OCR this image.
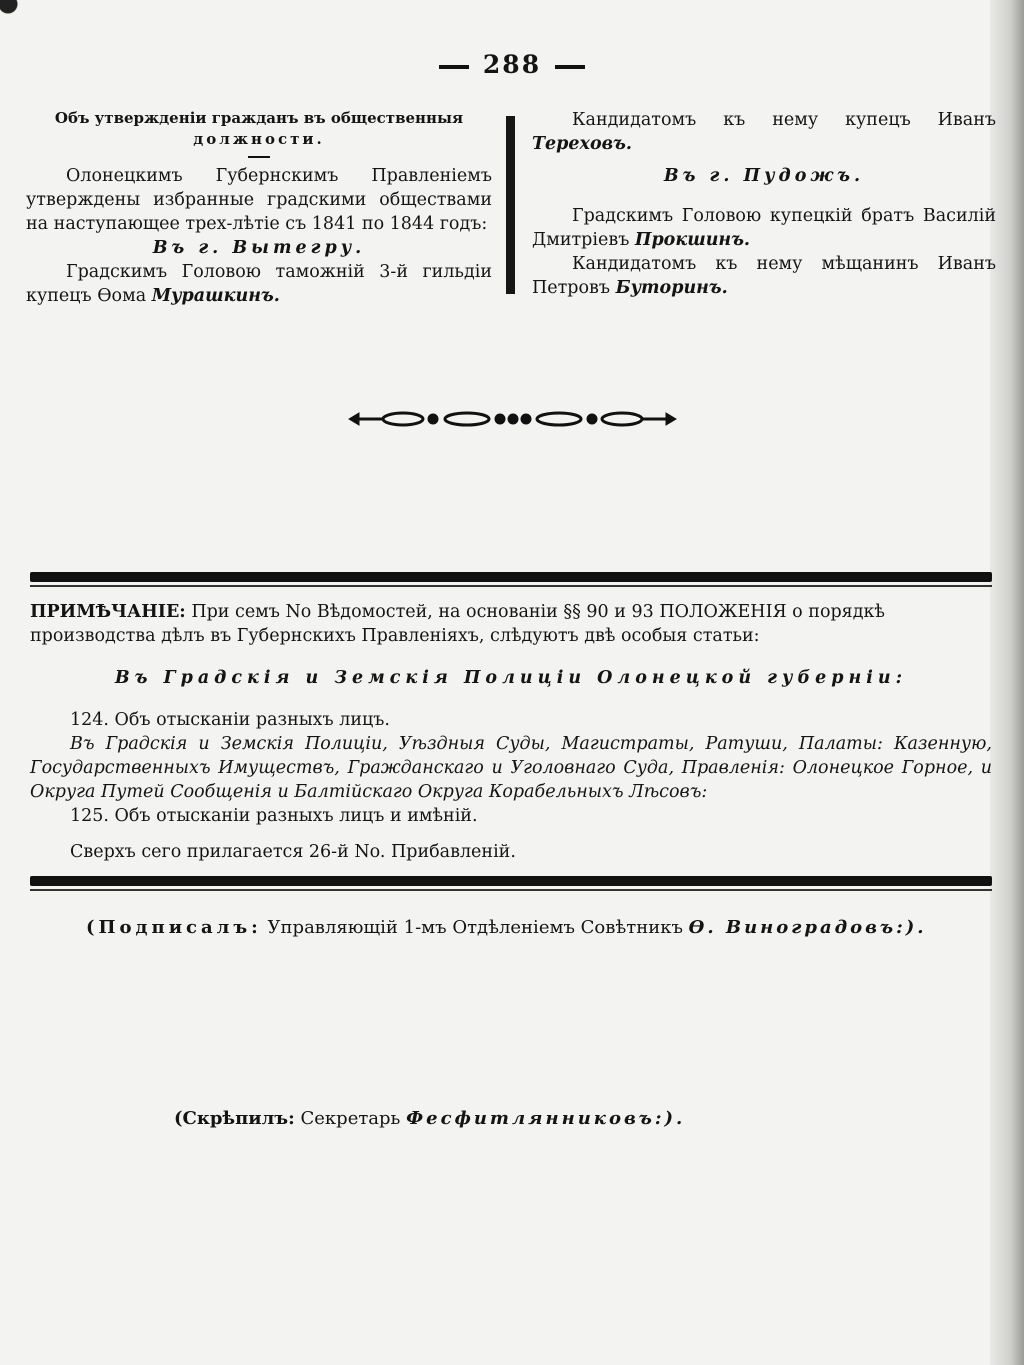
288
Объ утвержденіи гражданъ въ общественныя
должности.

Олонецкимъ Губернскимъ Правленіемъ утверждены избранные градскими обществами на наступающее трех-лѣтіе съ 1841 по 1844 годъ:

Въ г. Вытегру.

Градскимъ Головою таможній 3-й гильдіи купецъ Ѳома Мурашкинъ.

Кандидатомъ къ нему купецъ Иванъ Тереховъ.

Въ г. Пудожъ.

Градскимъ Головою купецкій братъ Василій Дмитріевъ Прокшинъ.

Кандидатомъ къ нему мѣщанинъ Иванъ Петровъ Буторинъ.

ПРИМѢЧАНІЕ: При семъ No Вѣдомостей, на основаніи §§ 90 и 93 ПОЛОЖЕНІЯ о порядкѣ производства дѣлъ въ Губернскихъ Правленіяхъ, слѣдуютъ двѣ особыя статьи:

Въ Градскія и Земскія Полиціи Олонецкой губерніи:

124. Объ отысканіи разныхъ лицъ.

Въ Градскія и Земскія Полиціи, Уѣздныя Суды, Магистраты, Ратуши, Палаты: Казенную, Государственныхъ Имуществъ, Гражданскаго и Уголовнаго Суда, Правленія: Олонецкое Горное, и Округа Путей Сообщенія и Балтійскаго Округа Корабельныхъ Лѣсовъ:

125. Объ отысканіи разныхъ лицъ и имѣній.

Сверхъ сего прилагается 26-й No. Прибавленій.

(Подписалъ: Управляющій 1-мъ Отдѣленіемъ Совѣтникъ Ѳ. Виноградовъ:).
(Скрѣпилъ: Секретарь Фесфитлянниковъ:).
